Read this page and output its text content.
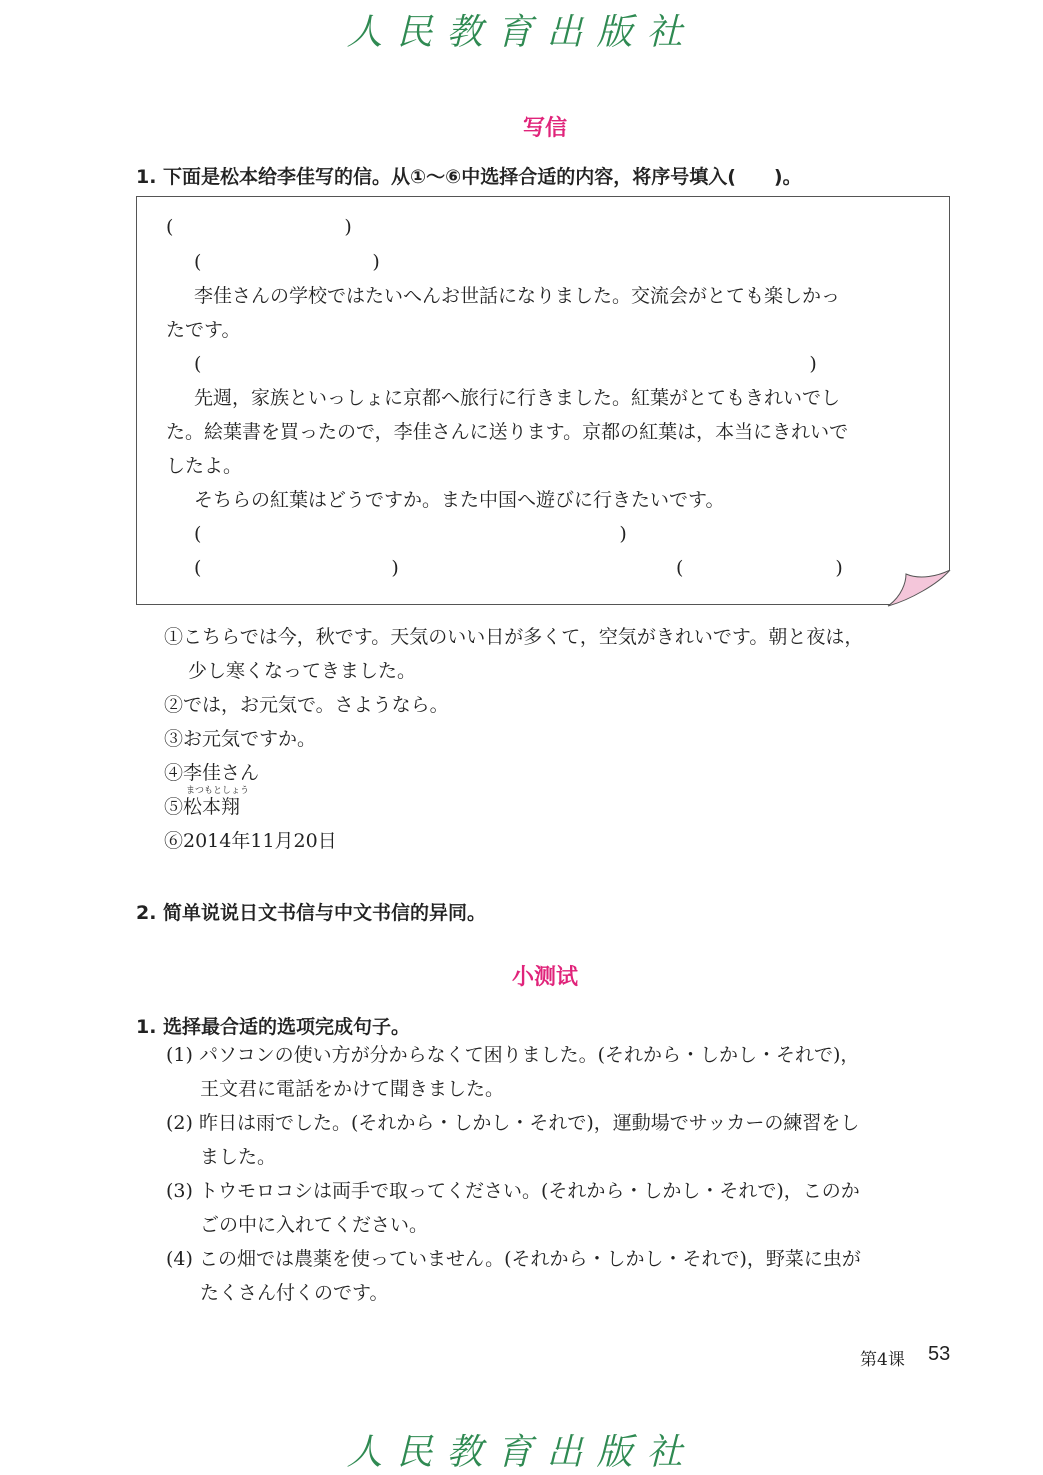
人民教育出版社
写信
1. 下面是松本给李佳写的信。从①～⑥中选择合适的内容，将序号填入(　　)。
(　　　　　　　　　)
(　　　　　　　　　)
李佳さんの学校ではたいへんお世話になりました。交流会がとても楽しかっ
たです。
(　　　　　　　　　　　　　　　　　　　　　　　　　　　　　　　　)
先週，家族といっしょに京都へ旅行に行きました。紅葉がとてもきれいでし
た。絵葉書を買ったので，李佳さんに送ります。京都の紅葉は，本当にきれいで
したよ。
そちらの紅葉はどうですか。また中国へ遊びに行きたいです。
(　　　　　　　　　　　　　　　　　　　　　　)
(　　　　　　　　　　)	(　　　　　　　　)
①こちらでは今，秋です。天気のいい日が多くて，空気がきれいです。朝と夜は，
少し寒くなってきました。
②では，お元気で。さようなら。
③お元気ですか。
④李佳さん
まつもとしょう
⑤松本翔
⑥2014年11月20日
2. 简单说说日文书信与中文书信的异同。
小测试
1. 选择最合适的选项完成句子。
(1) パソコンの使い方が分からなくて困りました。(それから・しかし・それで)，
王文君に電話をかけて聞きました。
(2) 昨日は雨でした。(それから・しかし・それで)，運動場でサッカーの練習をし
ました。
(3) トウモロコシは両手で取ってください。(それから・しかし・それで)，このか
ごの中に入れてください。
(4) この畑では農薬を使っていません。(それから・しかし・それで)，野菜に虫が
たくさん付くのです。
第4课 53
人民教育出版社
